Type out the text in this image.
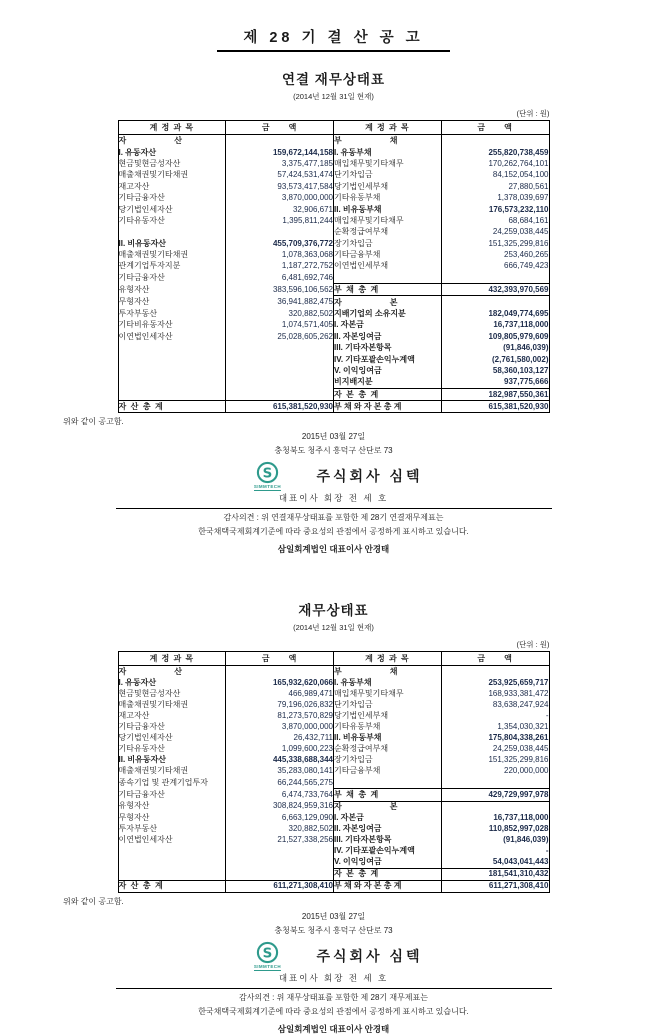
제 28 기 결 산 공 고
연결 재무상태표
(2014년 12월 31일 현재)
(단위 : 원)
계 정 과 목	금　　액	계 정 과 목	금　　액
자　　　　　　산		부　　　　　　채	
I. 유동자산	159,672,144,158	I. 유동부채	255,820,738,459
현금및현금성자산	3,375,477,185	매입채무및기타채무	170,262,764,101
매출채권및기타채권	57,424,531,474	단기차입금	84,152,054,100
재고자산	93,573,417,584	당기법인세부채	27,880,561
기타금융자산	3,870,000,000	기타유동부채	1,378,039,697
당기법인세자산	32,906,671	II. 비유동부채	176,573,232,110
기타유동자산	1,395,811,244	매입채무및기타채무	68,684,161
		순확정급여부채	24,259,038,445
II. 비유동자산	455,709,376,772	장기차입금	151,325,299,816
매출채권및기타채권	1,078,363,068	기타금융부채	253,460,265
관계기업투자지분	1,187,272,752	이연법인세부채	666,749,423
기타금융자산	6,481,692,746		
유형자산	383,596,106,562	부  채  총  계	432,393,970,569
무형자산	36,941,882,475	자　　　　　　본	
투자부동산	320,882,502	지배기업의 소유지분	182,049,774,695
기타비유동자산	1,074,571,405	I. 자본금	16,737,118,000
이연법인세자산	25,028,605,262	II. 자본잉여금	109,805,979,609
		III. 기타자본항목	(91,846,039)
		IV. 기타포괄손익누계액	(2,761,580,002)
		V. 이익잉여금	58,360,103,127
		비지배지분	937,775,666
		자  본  총  계	182,987,550,361
자  산  총  계	615,381,520,930	부 채 와 자 본 총 계	615,381,520,930
위와 같이 공고함.
2015년 03월 27일
충청북도 청주시 흥덕구 산단로 73
S
SIMMTECH
주식회사 심텍
대표이사 회장 전 세 호
감사의견 : 위 연결재무상태표를 포함한 제 28기 연결재무제표는
한국채택국제회계기준에 따라 중요성의 관점에서 공정하게 표시하고 있습니다.
삼일회계법인 대표이사 안경태
재무상태표
(2014년 12월 31일 현재)
(단위 : 원)
계 정 과 목	금　　액	계 정 과 목	금　　액
자　　　　　　산		부　　　　　　채	
I. 유동자산	165,932,620,066	I. 유동부채	253,925,659,717
현금및현금성자산	466,989,471	매입채무및기타채무	168,933,381,472
매출채권및기타채권	79,196,026,832	단기차입금	83,638,247,924
재고자산	81,273,570,829	당기법인세부채	-
기타금융자산	3,870,000,000	기타유동부채	1,354,030,321
당기법인세자산	26,432,711	II. 비유동부채	175,804,338,261
기타유동자산	1,099,600,223	순확정급여부채	24,259,038,445
II. 비유동자산	445,338,688,344	장기차입금	151,325,299,816
매출채권및기타채권	35,283,080,141	기타금융부채	220,000,000
종속기업 및 관계기업투자	66,244,565,275		
기타금융자산	6,474,733,764	부  채  총  계	429,729,997,978
유형자산	308,824,959,316	자　　　　　　본	
무형자산	6,663,129,090	I. 자본금	16,737,118,000
투자부동산	320,882,502	II. 자본잉여금	110,852,997,028
이연법인세자산	21,527,338,256	III. 기타자본항목	(91,846,039)
		IV. 기타포괄손익누계액	-
		V. 이익잉여금	54,043,041,443
		자  본  총  계	181,541,310,432
자  산  총  계	611,271,308,410	부 채 와 자 본 총 계	611,271,308,410
위와 같이 공고함.
2015년 03월 27일
충청북도 청주시 흥덕구 산단로 73
S
SIMMTECH
주식회사 심텍
대표이사 회장 전 세 호
감사의견 : 위 재무상태표를 포함한 제 28기 재무제표는
한국채택국제회계기준에 따라 중요성의 관점에서 공정하게 표시하고 있습니다.
삼일회계법인 대표이사 안경태
